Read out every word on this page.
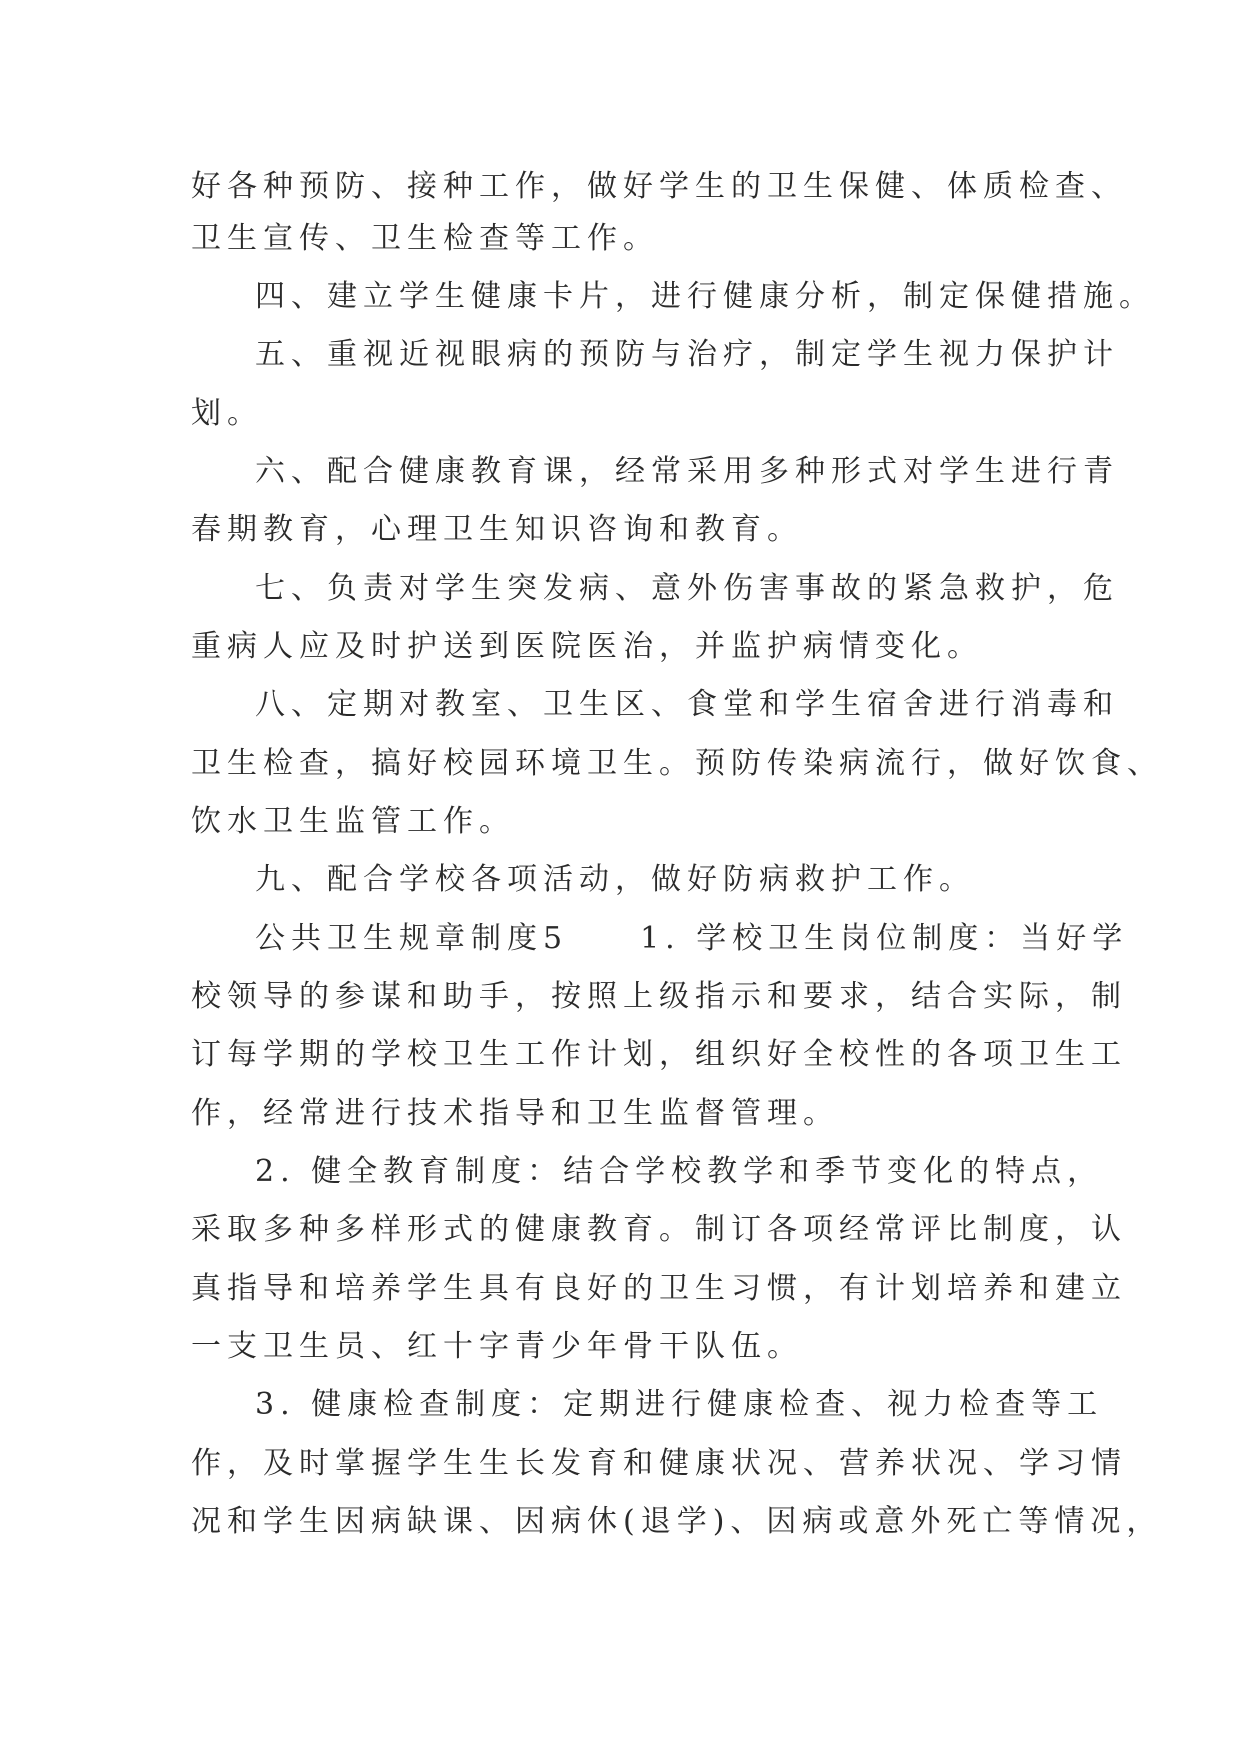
好各种预防、接种工作，做好学生的卫生保健、体质检查、
卫生宣传、卫生检查等工作。
四、建立学生健康卡片，进行健康分析，制定保健措施。
五、重视近视眼病的预防与治疗，制定学生视力保护计
划。
六、配合健康教育课，经常采用多种形式对学生进行青
春期教育，心理卫生知识咨询和教育。
七、负责对学生突发病、意外伤害事故的紧急救护，危
重病人应及时护送到医院医治，并监护病情变化。
八、定期对教室、卫生区、食堂和学生宿舍进行消毒和
卫生检查，搞好校园环境卫生。预防传染病流行，做好饮食、
饮水卫生监管工作。
九、配合学校各项活动，做好防病救护工作。
公共卫生规章制度5　　1. 学校卫生岗位制度：当好学
校领导的参谋和助手，按照上级指示和要求，结合实际，制
订每学期的学校卫生工作计划，组织好全校性的各项卫生工
作，经常进行技术指导和卫生监督管理。
2. 健全教育制度：结合学校教学和季节变化的特点，
采取多种多样形式的健康教育。制订各项经常评比制度，认
真指导和培养学生具有良好的卫生习惯，有计划培养和建立
一支卫生员、红十字青少年骨干队伍。
3. 健康检查制度：定期进行健康检查、视力检查等工
作，及时掌握学生生长发育和健康状况、营养状况、学习情
况和学生因病缺课、因病休(退学)、因病或意外死亡等情况，
